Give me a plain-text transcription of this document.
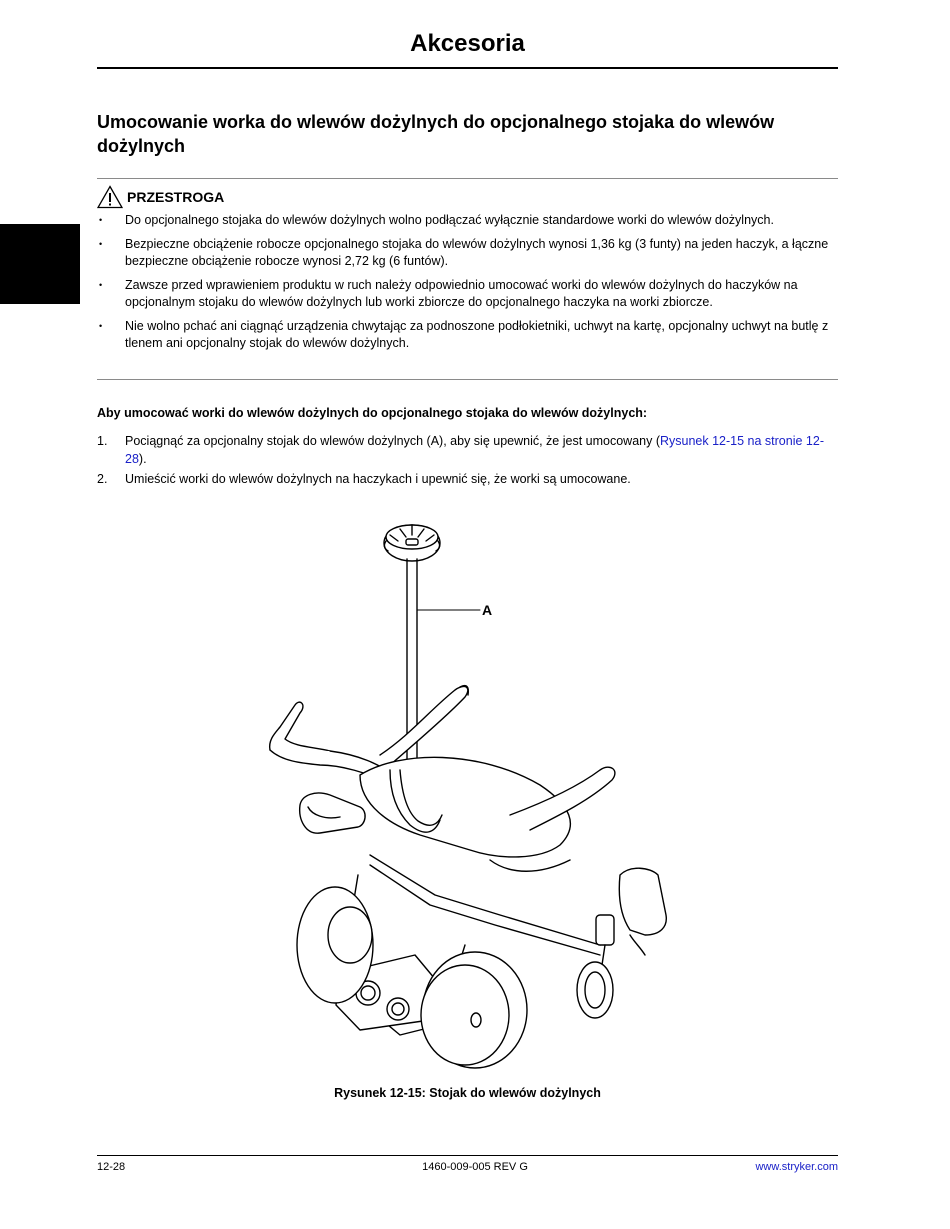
Akcesoria
Umocowanie worka do wlewów dożylnych do opcjonalnego stojaka do wlewów dożylnych
PRZESTROGA
• Do opcjonalnego stojaka do wlewów dożylnych wolno podłączać wyłącznie standardowe worki do wlewów dożylnych.
• Bezpieczne obciążenie robocze opcjonalnego stojaka do wlewów dożylnych wynosi 1,36 kg (3 funty) na jeden haczyk, a łączne bezpieczne obciążenie robocze wynosi 2,72 kg (6 funtów).
• Zawsze przed wprawieniem produktu w ruch należy odpowiednio umocować worki do wlewów dożylnych do haczyków na opcjonalnym stojaku do wlewów dożylnych lub worki zbiorcze do opcjonalnego haczyka na worki zbiorcze.
• Nie wolno pchać ani ciągnąć urządzenia chwytając za podnoszone podłokietniki, uchwyt na kartę, opcjonalny uchwyt na butlę z tlenem ani opcjonalny stojak do wlewów dożylnych.

Aby umocować worki do wlewów dożylnych do opcjonalnego stojaka do wlewów dożylnych:

1. Pociągnąć za opcjonalny stojak do wlewów dożylnych (A), aby się upewnić, że jest umocowany (Rysunek 12-15 na stronie 12-28).
2. Umieścić worki do wlewów dożylnych na haczykach i upewnić się, że worki są umocowane.
A

Rysunek 12-15: Stojak do wlewów dożylnych

12-28	1460-009-005 REV G	www.stryker.com
